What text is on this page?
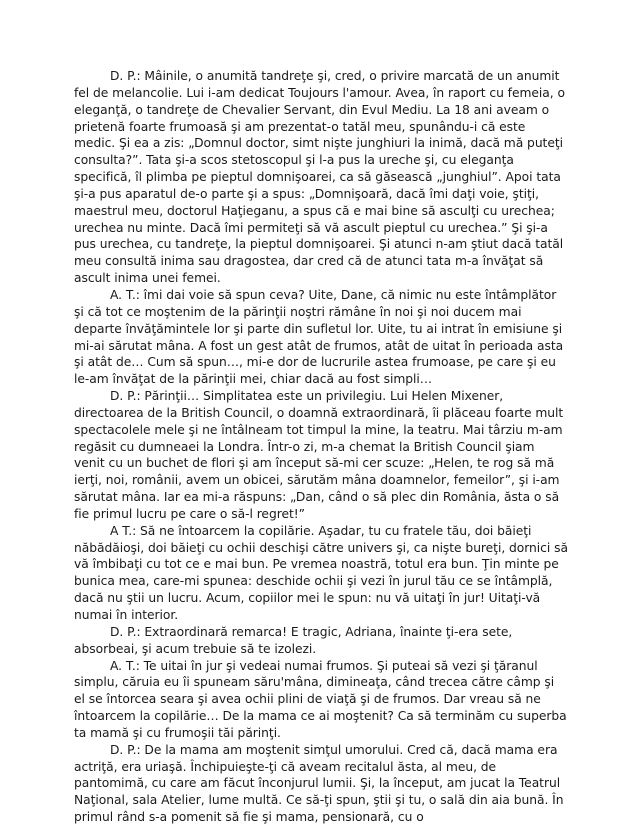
D. P.: Mâinile, o anumită tandreţe şi, cred, o privire marcată de un anumit fel de melancolie. Lui i-am dedicat Toujours l'amour. Avea, în raport cu femeia, o eleganţă, o tandreţe de Chevalier Servant, din Evul Mediu. La 18 ani aveam o prietenă foarte frumoasă şi am prezentat-o tatăl meu, spunându-i că este medic. Şi ea a zis: „Domnul doctor, simt nişte junghiuri la inimă, dacă mă puteţi consulta?”. Tata şi-a scos stetoscopul şi l-a pus la ureche şi, cu eleganţa specifică, îl plimba pe pieptul domnişoarei, ca să găsească „junghiul”. Apoi tata şi-a pus aparatul de-o parte şi a spus: „Domnişoară, dacă îmi daţi voie, ştiţi, maestrul meu, doctorul Haţieganu, a spus că e mai bine să asculţi cu urechea; urechea nu minte. Dacă îmi permiteţi să vă ascult pieptul cu urechea.” Şi şi-a pus urechea, cu tandreţe, la pieptul domnişoarei. Şi atunci n-am ştiut dacă tatăl meu consultă inima sau dragostea, dar cred că de atunci tata m-a învăţat să ascult inima unei femei.

A. T.: îmi dai voie să spun ceva? Uite, Dane, că nimic nu este întâmplător şi că tot ce moştenim de la părinţii noştri rămâne în noi şi noi ducem mai departe învăţămintele lor şi parte din sufletul lor. Uite, tu ai intrat în emisiune şi mi-ai sărutat mâna. A fost un gest atât de frumos, atât de uitat în perioada asta şi atât de… Cum să spun…, mi-e dor de lucrurile astea frumoase, pe care şi eu le-am învăţat de la părinţii mei, chiar dacă au fost simpli…

D. P.: Părinţii… Simplitatea este un privilegiu. Lui Helen Mixener, directoarea de la British Council, o doamnă extraordinară, îi plăceau foarte mult spectacolele mele şi ne întâlneam tot timpul la mine, la teatru. Mai târziu m-am regăsit cu dumneaei la Londra. Într-o zi, m-a chemat la British Council şiam venit cu un buchet de flori şi am început să-mi cer scuze: „Helen, te rog să mă ierţi, noi, românii, avem un obicei, sărutăm mâna doamnelor, femeilor”, şi i-am sărutat mâna. Iar ea mi-a răspuns: „Dan, când o să plec din România, ăsta o să fie primul lucru pe care o să-l regret!”

A T.: Să ne întoarcem la copilărie. Aşadar, tu cu fratele tău, doi băieţi năbădăioşi, doi băieţi cu ochii deschişi către univers şi, ca nişte bureţi, dornici să vă îmbibaţi cu tot ce e mai bun. Pe vremea noastră, totul era bun. Ţin minte pe bunica mea, care-mi spunea: deschide ochii şi vezi în jurul tău ce se întâmplă, dacă nu ştii un lucru. Acum, copiilor mei le spun: nu vă uitaţi în jur! Uitaţi-vă numai în interior.

D. P.: Extraordinară remarca! E tragic, Adriana, înainte ţi-era sete, absorbeai, şi acum trebuie să te izolezi.

A. T.: Te uitai în jur şi vedeai numai frumos. Şi puteai să vezi şi ţăranul simplu, căruia eu îi spuneam săru'mâna, dimineaţa, când trecea către câmp şi el se întorcea seara şi avea ochii plini de viaţă şi de frumos. Dar vreau să ne întoarcem la copilărie… De la mama ce ai moştenit? Ca să terminăm cu superba ta mamă şi cu frumoşii tăi părinţi.

D. P.: De la mama am moştenit simţul umorului. Cred că, dacă mama era actriţă, era uriaşă. Închipuieşte-ţi că aveam recitalul ăsta, al meu, de pantomimă, cu care am făcut înconjurul lumii. Şi, la început, am jucat la Teatrul Naţional, sala Atelier, lume multă. Ce să-ţi spun, ştii şi tu, o sală din aia bună. În primul rând s-a pomenit să fie şi mama, pensionară, cu o
